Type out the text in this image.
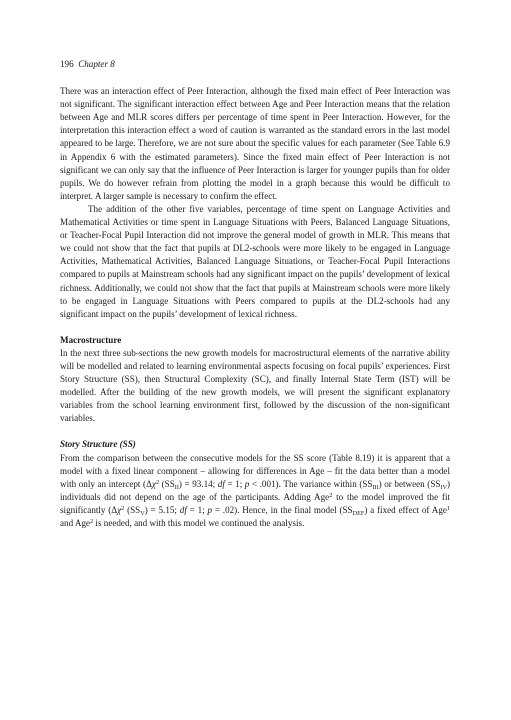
196 Chapter 8

There was an interaction effect of Peer Interaction, although the fixed main effect of Peer Interaction was not significant. The significant interaction effect between Age and Peer Interaction means that the relation between Age and MLR scores differs per percentage of time spent in Peer Interaction. However, for the interpretation this interaction effect a word of caution is warranted as the standard errors in the last model appeared to be large. Therefore, we are not sure about the specific values for each parameter (See Table 6.9 in Appendix 6 with the estimated parameters). Since the fixed main effect of Peer Interaction is not significant we can only say that the influence of Peer Interaction is larger for younger pupils than for older pupils. We do however refrain from plotting the model in a graph because this would be difficult to interpret. A larger sample is necessary to confirm the effect.

The addition of the other five variables, percentage of time spent on Language Activities and Mathematical Activities or time spent in Language Situations with Peers, Balanced Language Situations, or Teacher-Focal Pupil Interaction did not improve the general model of growth in MLR. This means that we could not show that the fact that pupils at DL2-schools were more likely to be engaged in Language Activities, Mathematical Activities, Balanced Language Situations, or Teacher-Focal Pupil Interactions compared to pupils at Mainstream schools had any significant impact on the pupils’ development of lexical richness. Additionally, we could not show that the fact that pupils at Mainstream schools were more likely to be engaged in Language Situations with Peers compared to pupils at the DL2-schools had any significant impact on the pupils’ development of lexical richness.

Macrostructure

In the next three sub-sections the new growth models for macrostructural elements of the narrative ability will be modelled and related to learning environmental aspects focusing on focal pupils’ experiences. First Story Structure (SS), then Structural Complexity (SC), and finally Internal State Term (IST) will be modelled. After the building of the new growth models, we will present the significant explanatory variables from the school learning environment first, followed by the discussion of the non-significant variables.

Story Structure (SS)

From the comparison between the consecutive models for the SS score (Table 8.19) it is apparent that a model with a fixed linear component – allowing for differences in Age – fit the data better than a model with only an intercept ($\Delta\chi^2$ $(SS_{II}) = 93.14$; df = 1; p < .001). The variance within $(SS_{III})$ or between $(SS_{IV})$ individuals did not depend on the age of the participants. Adding Age$^2$ to the model improved the fit significantly ($\Delta\chi^2$ $(SS_V) = 5.15$; df = 1; p = .02). Hence, in the final model $(SS_{DEF})$ a fixed effect of Age$^1$ and Age$^2$ is needed, and with this model we continued the analysis.
